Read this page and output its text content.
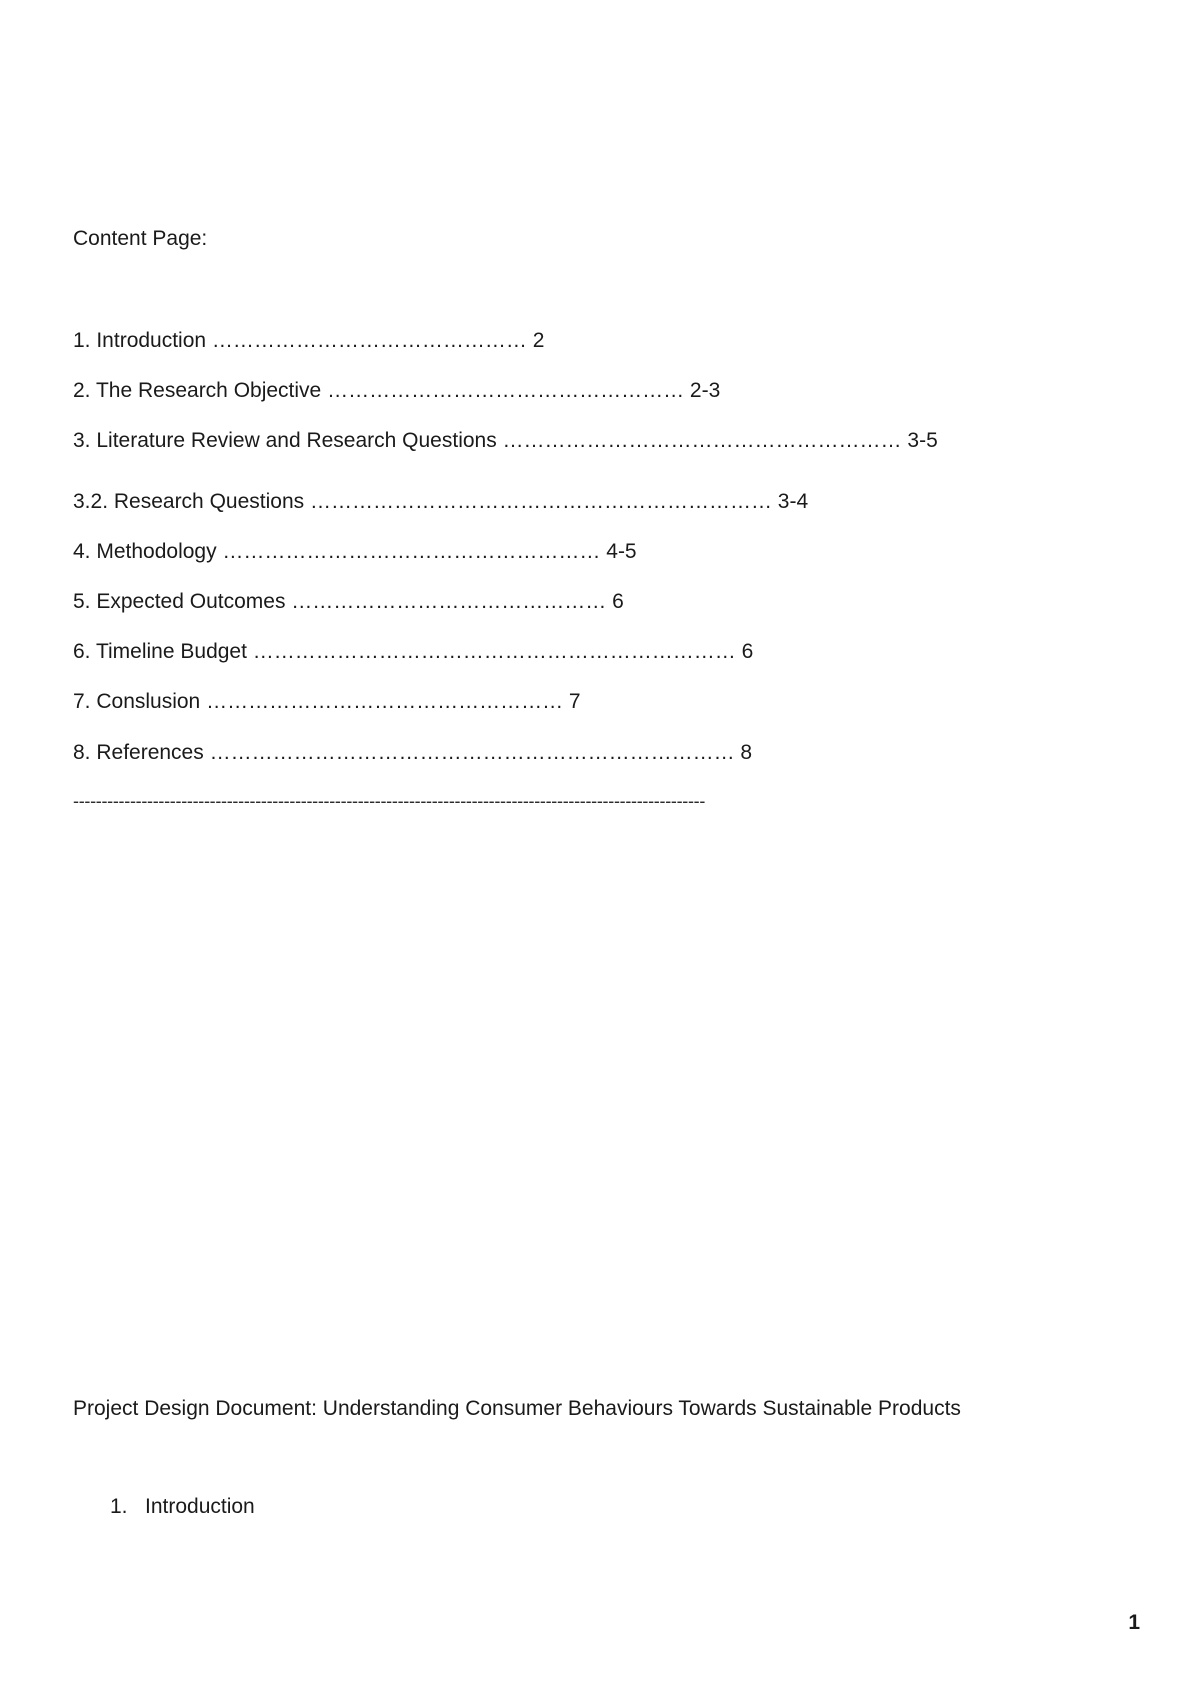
Content Page:
1. Introduction ……………………………………… 2
2. The Research Objective …………………………………………… 2-3
3. Literature Review and Research Questions ………………………………………………… 3-5
3.2. Research Questions ………………………………………………………… 3-4
4. Methodology ……………………………………………… 4-5
5. Expected Outcomes ……………………………………… 6
6. Timeline Budget …………………………………………………………… 6
7. Conslusion …………………………………………… 7
8. References ………………………………………………………………… 8
---------------------------------------------------------------------------------------------------------------
Project Design Document: Understanding Consumer Behaviours Towards Sustainable Products
1. Introduction
1
